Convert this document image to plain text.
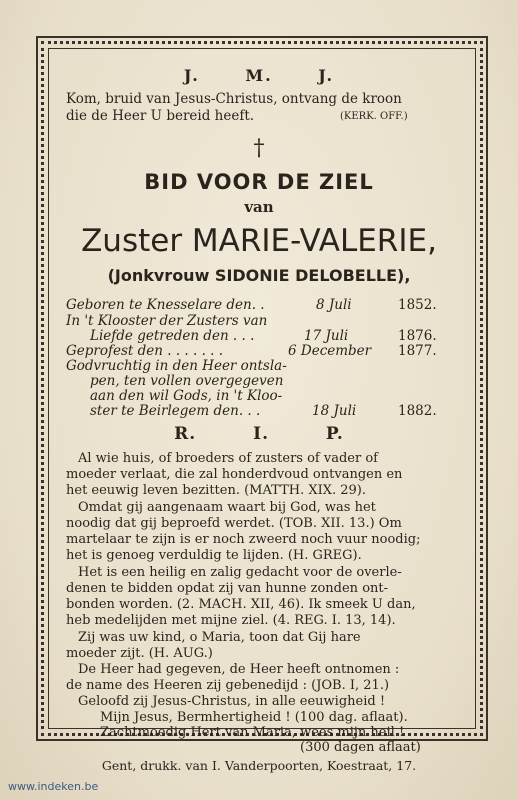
J. M. J.
Kom, bruid van Jesus-Christus, ontvang de kroon
die de Heer U bereid heeft.	(KERK. OFF.)
†
BID VOOR DE ZIEL
van
Zuster MARIE-VALERIE,
(Jonkvrouw SIDONIE DELOBELLE),
Geboren te Knesselare den. .	8 Juli	1852.
In 't Klooster der Zusters van
Liefde getreden den . . .	17 Juli	1876.
Geprofest den . . . . . . .	6 December 1877.
Godvruchtig in den Heer ontsla-
pen, ten vollen overgegeven
aan den wil Gods, in 't Kloo-
ster te Beirlegem den. . .	18 Juli	1882.
R. I. P.
Al wie huis, of broeders of zusters of vader of
moeder verlaat, die zal honderdvoud ontvangen en
het eeuwig leven bezitten. (MATTH. XIX. 29).
Omdat gij aangenaam waart bij God, was het
noodig dat gij beproefd werdet. (TOB. XII. 13.) Om
martelaar te zijn is er noch zweerd noch vuur noodig;
het is genoeg verduldig te lijden. (H. GREG).
Het is een heilig en zalig gedacht voor de overle-
denen te bidden opdat zij van hunne zonden ont-
bonden worden. (2. MACH. XII, 46). Ik smeek U dan,
heb medelijden met mijne ziel. (4. REG. I. 13, 14).
Zij was uw kind, o Maria, toon dat Gij hare
moeder zijt. (H. AUG.)
De Heer had gegeven, de Heer heeft ontnomen :
de name des Heeren zij gebenedijd : (JOB. I, 21.)
Geloofd zij Jesus-Christus, in alle eeuwigheid !
Mijn Jesus, Bermhertigheid ! (100 dag. aflaat).
Zachtmoedig Hert van Maria, wees mijn heil !
(300 dagen aflaat)
Gent, drukk. van I. Vanderpoorten, Koestraat, 17.
www.indeken.be
